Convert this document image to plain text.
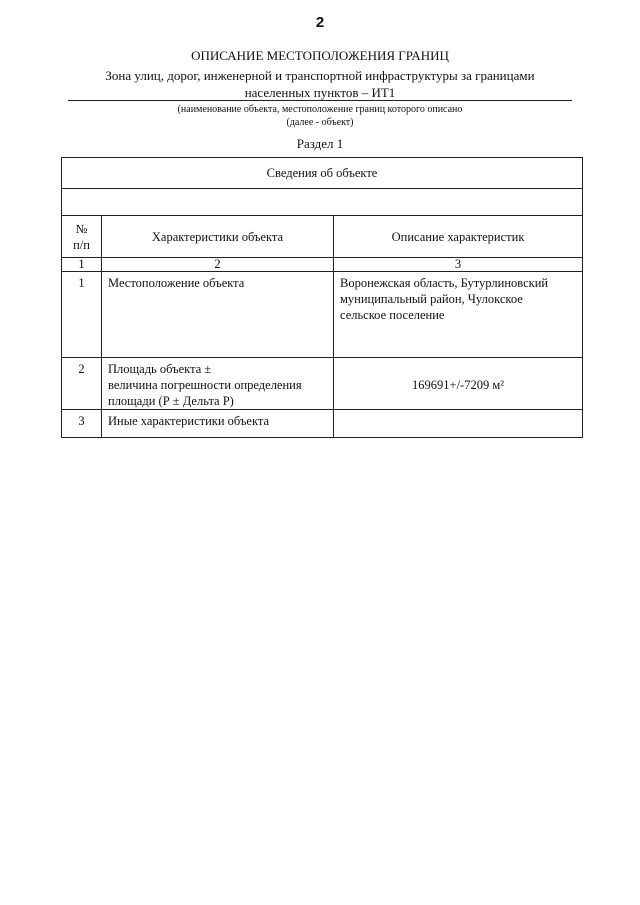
2
ОПИСАНИЕ МЕСТОПОЛОЖЕНИЯ ГРАНИЦ
Зона улиц, дорог, инженерной и транспортной инфраструктуры за границами
населенных пунктов – ИТ1
(наименование объекта, местоположение границ которого описано
(далее - объект)
Раздел 1
Сведения об объекте		

№
п/п	Характеристики объекта	Описание характеристик
1	2	3
1	Местоположение объекта	Воронежская область, Бутурлиновский
муниципальный район, Чулокское
сельское поселение

2	Площадь объекта ±
величина погрешности определения
площади (Р ± Дельта Р)	169691+/-7209 м²

3	Иные характеристики объекта	
